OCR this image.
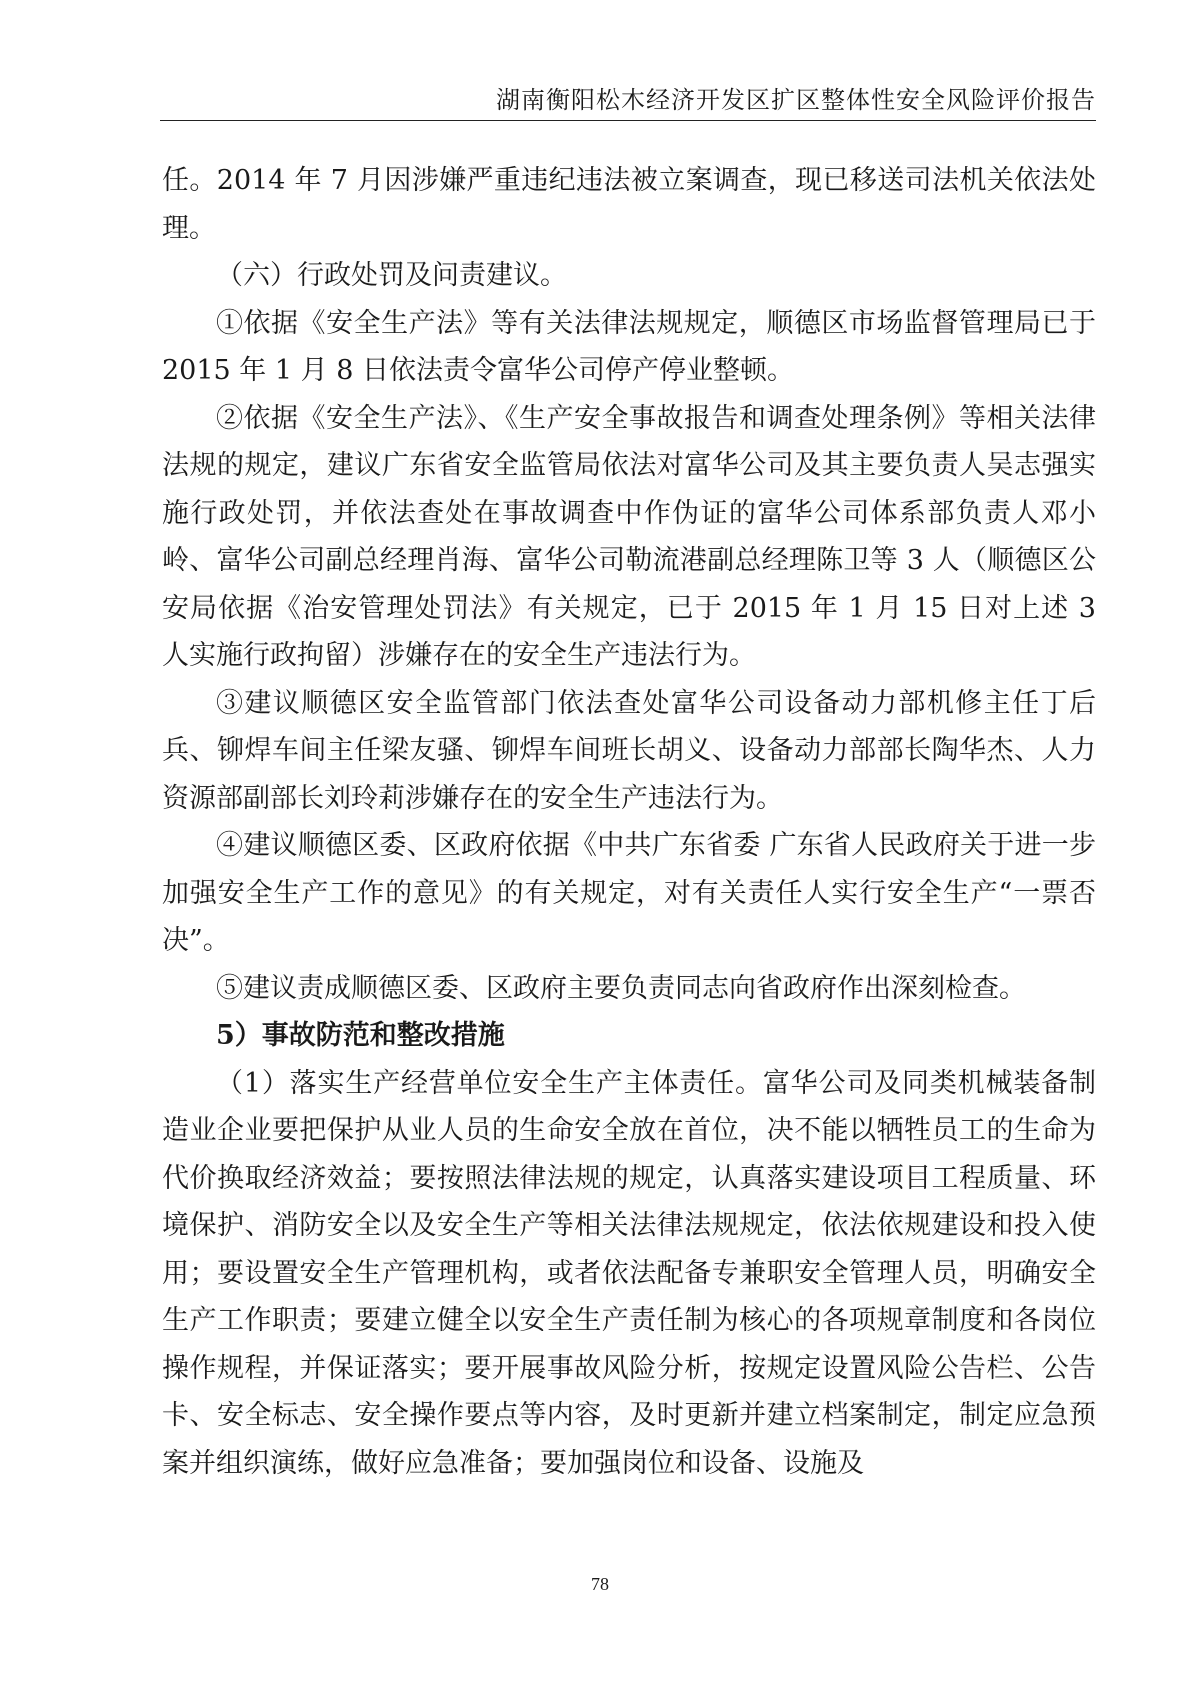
湖南衡阳松木经济开发区扩区整体性安全风险评价报告

任。2014 年 7 月因涉嫌严重违纪违法被立案调查，现已移送司法机关依法处理。

（六）行政处罚及问责建议。

①依据《安全生产法》等有关法律法规规定，顺德区市场监督管理局已于 2015 年 1 月 8 日依法责令富华公司停产停业整顿。

②依据《安全生产法》、《生产安全事故报告和调查处理条例》等相关法律法规的规定，建议广东省安全监管局依法对富华公司及其主要负责人吴志强实施行政处罚，并依法查处在事故调查中作伪证的富华公司体系部负责人邓小岭、富华公司副总经理肖海、富华公司勒流港副总经理陈卫等 3 人（顺德区公安局依据《治安管理处罚法》有关规定，已于 2015 年 1 月 15 日对上述 3 人实施行政拘留）涉嫌存在的安全生产违法行为。

③建议顺德区安全监管部门依法查处富华公司设备动力部机修主任丁后兵、铆焊车间主任梁友骚、铆焊车间班长胡义、设备动力部部长陶华杰、人力资源部副部长刘玲莉涉嫌存在的安全生产违法行为。

④建议顺德区委、区政府依据《中共广东省委 广东省人民政府关于进一步加强安全生产工作的意见》的有关规定，对有关责任人实行安全生产“一票否决”。

⑤建议责成顺德区委、区政府主要负责同志向省政府作出深刻检查。

5）事故防范和整改措施

（1）落实生产经营单位安全生产主体责任。富华公司及同类机械装备制造业企业要把保护从业人员的生命安全放在首位，决不能以牺牲员工的生命为代价换取经济效益；要按照法律法规的规定，认真落实建设项目工程质量、环境保护、消防安全以及安全生产等相关法律法规规定，依法依规建设和投入使用；要设置安全生产管理机构，或者依法配备专兼职安全管理人员，明确安全生产工作职责；要建立健全以安全生产责任制为核心的各项规章制度和各岗位操作规程，并保证落实；要开展事故风险分析，按规定设置风险公告栏、公告卡、安全标志、安全操作要点等内容，及时更新并建立档案制定，制定应急预案并组织演练，做好应急准备；要加强岗位和设备、设施及

78
